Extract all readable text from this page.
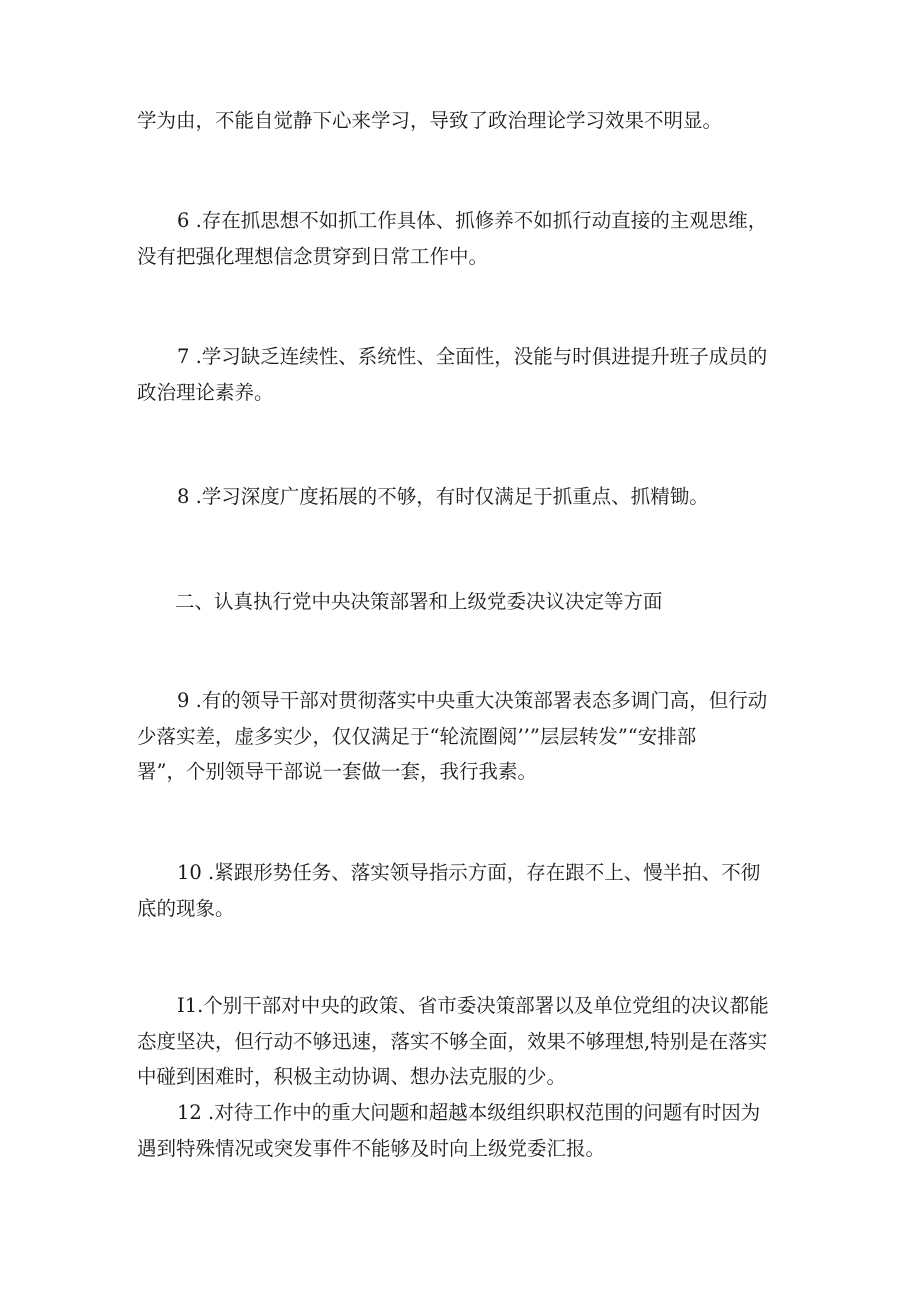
学为由，不能自觉静下心来学习，导致了政治理论学习效果不明显。
6 .存在抓思想不如抓工作具体、抓修养不如抓行动直接的主观思维，
没有把强化理想信念贯穿到日常工作中。
7 .学习缺乏连续性、系统性、全面性，没能与时俱进提升班子成员的
政治理论素养。
8 .学习深度广度拓展的不够，有时仅满足于抓重点、抓精锄。
二、认真执行党中央决策部署和上级党委决议决定等方面
9 .有的领导干部对贯彻落实中央重大决策部署表态多调门高，但行动
少落实差，虚多实少，仅仅满足于“轮流圈阅’’”层层转发”“安排部
署”，个别领导干部说一套做一套，我行我素。
10 .紧跟形势任务、落实领导指示方面，存在跟不上、慢半拍、不彻
底的现象。
I1.个别干部对中央的政策、省市委决策部署以及单位党组的决议都能
态度坚决，但行动不够迅速，落实不够全面，效果不够理想,特别是在落实
中碰到困难时，积极主动协调、想办法克服的少。
12 .对待工作中的重大问题和超越本级组织职权范围的问题有时因为
遇到特殊情况或突发事件不能够及时向上级党委汇报。
